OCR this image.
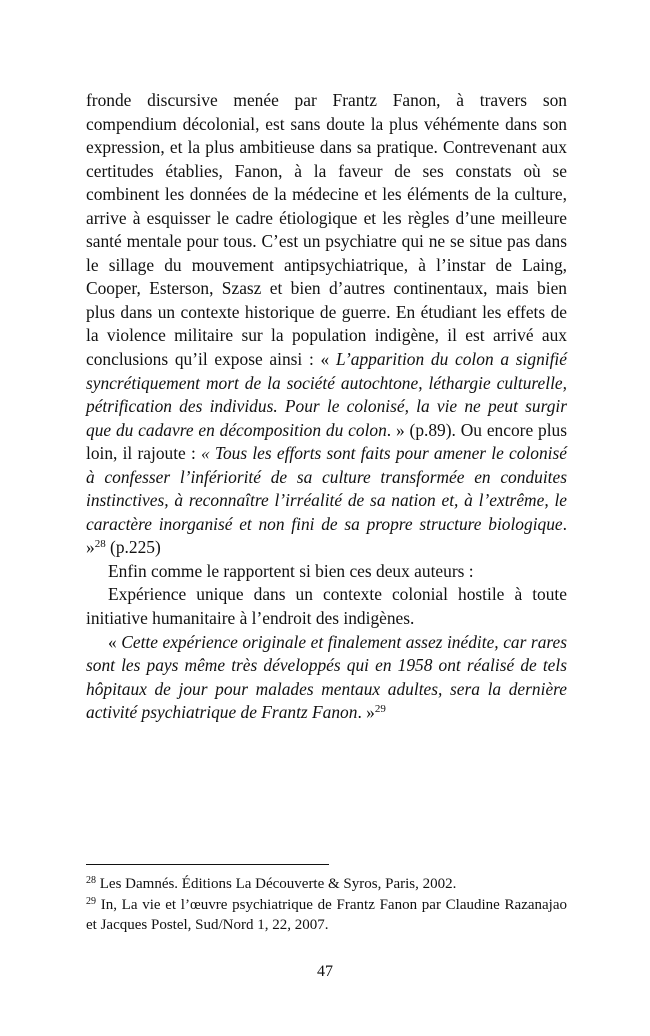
fronde discursive menée par Frantz Fanon, à travers son compendium décolonial, est sans doute la plus véhémente dans son expression, et la plus ambitieuse dans sa pratique. Contrevenant aux certitudes établies, Fanon, à la faveur de ses constats où se combinent les données de la médecine et les éléments de la culture, arrive à esquisser le cadre étiologique et les règles d’une meilleure santé mentale pour tous. C’est un psychiatre qui ne se situe pas dans le sillage du mouvement antipsychiatrique, à l’instar de Laing, Cooper, Esterson, Szasz et bien d’autres continentaux, mais bien plus dans un contexte historique de guerre. En étudiant les effets de la violence militaire sur la population indigène, il est arrivé aux conclusions qu’il expose ainsi : « L’apparition du colon a signifié syncrétiquement mort de la société autochtone, léthargie culturelle, pétrification des individus. Pour le colonisé, la vie ne peut surgir que du cadavre en décomposition du colon. » (p.89). Ou encore plus loin, il rajoute : « Tous les efforts sont faits pour amener le colonisé à confesser l’infériorité de sa culture transformée en conduites instinctives, à reconnaître l’irréalité de sa nation et, à l’extrême, le caractère inorganisé et non fini de sa propre structure biologique. »$^{28}$ (p.225)

Enfin comme le rapportent si bien ces deux auteurs :

Expérience unique dans un contexte colonial hostile à toute initiative humanitaire à l’endroit des indigènes.

« Cette expérience originale et finalement assez inédite, car rares sont les pays même très développés qui en 1958 ont réalisé de tels hôpitaux de jour pour malades mentaux adultes, sera la dernière activité psychiatrique de Frantz Fanon. »$^{29}$

$^{28}$ Les Damnés. Éditions La Découverte & Syros, Paris, 2002.

$^{29}$ In, La vie et l’œuvre psychiatrique de Frantz Fanon par Claudine Razanajao et Jacques Postel, Sud/Nord 1, 22, 2007.

47
